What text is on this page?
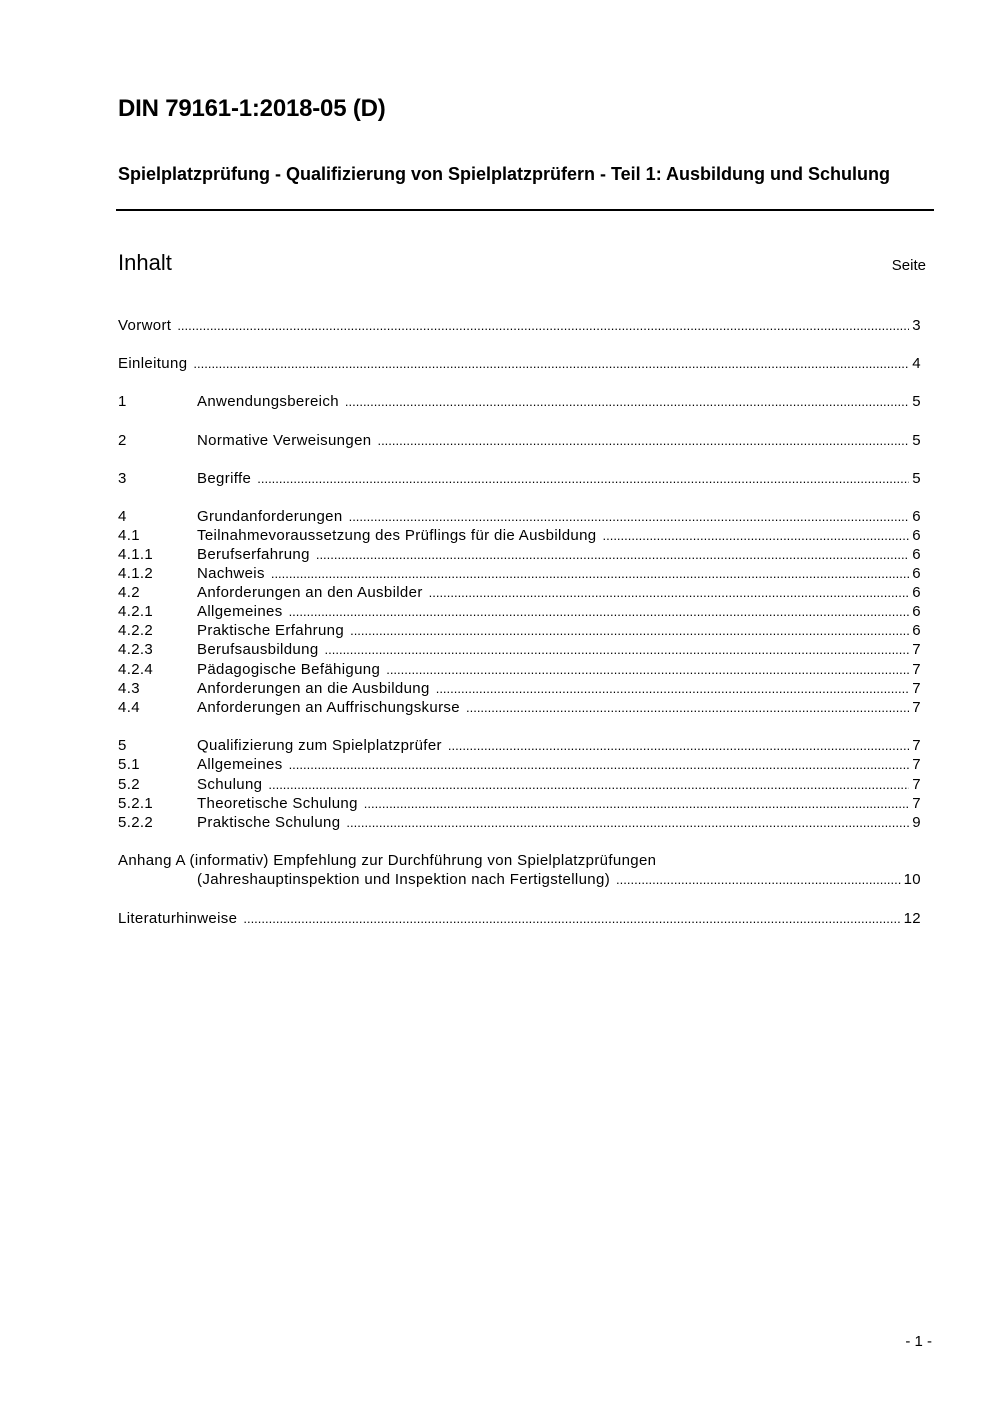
DIN 79161-1:2018-05 (D)
Spielplatzprüfung - Qualifizierung von Spielplatzprüfern - Teil 1: Ausbildung und Schulung
Inhalt	Seite
Vorwort .....	3
Einleitung .....	4
1	Anwendungsbereich .....	5
2	Normative Verweisungen .....	5
3	Begriffe .....	5
4	Grundanforderungen .....	6
4.1	Teilnahmevoraussetzung des Prüflings für die Ausbildung .....	6
4.1.1	Berufserfahrung .....	6
4.1.2	Nachweis .....	6
4.2	Anforderungen an den Ausbilder .....	6
4.2.1	Allgemeines .....	6
4.2.2	Praktische Erfahrung .....	6
4.2.3	Berufsausbildung .....	7
4.2.4	Pädagogische Befähigung .....	7
4.3	Anforderungen an die Ausbildung .....	7
4.4	Anforderungen an Auffrischungskurse .....	7
5	Qualifizierung zum Spielplatzprüfer .....	7
5.1	Allgemeines .....	7
5.2	Schulung .....	7
5.2.1	Theoretische Schulung .....	7
5.2.2	Praktische Schulung .....	9
Anhang A (informativ) Empfehlung zur Durchführung von Spielplatzprüfungen
(Jahreshauptinspektion und Inspektion nach Fertigstellung) .....	10
Literaturhinweise .....	12
- 1 -
